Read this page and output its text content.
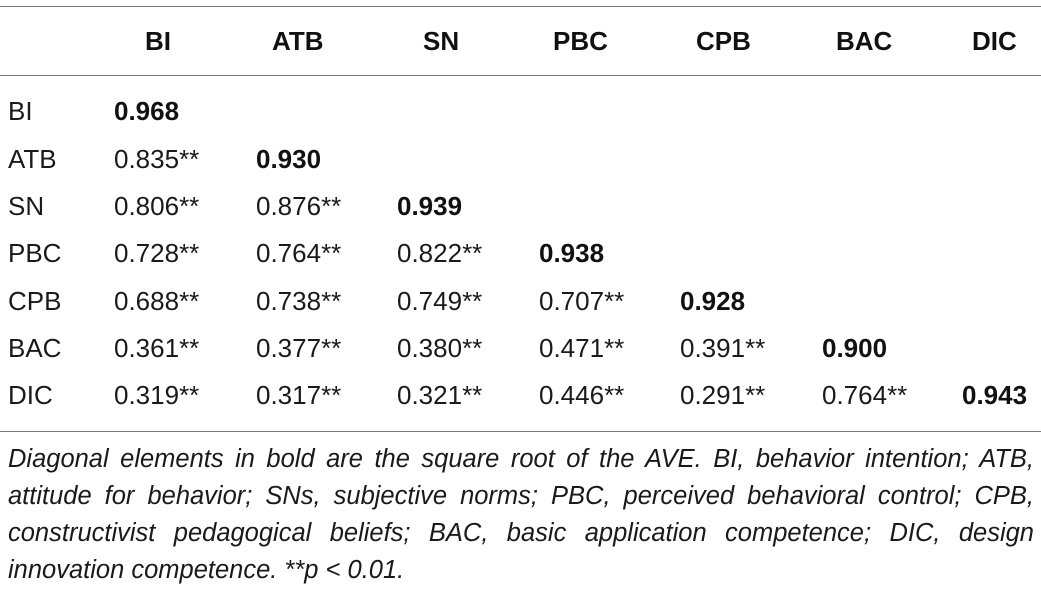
BI	ATB	SN	PBC	CPB	BAC	DIC
BI	0.968
ATB 0.835** 0.930
SN	0.806** 0.876** 0.939
PBC 0.728** 0.764** 0.822** 0.938
CPB 0.688** 0.738** 0.749** 0.707** 0.928
BAC 0.361** 0.377** 0.380** 0.471** 0.391** 0.900
DIC 0.319** 0.317** 0.321** 0.446** 0.291** 0.764** 0.943
Diagonal elements in bold are the square root of the AVE. BI, behavior intention; ATB, attitude for behavior; SNs, subjective norms; PBC, perceived behavioral control; CPB, constructivist pedagogical beliefs; BAC, basic application competence; DIC, design innovation competence. **p < 0.01.
